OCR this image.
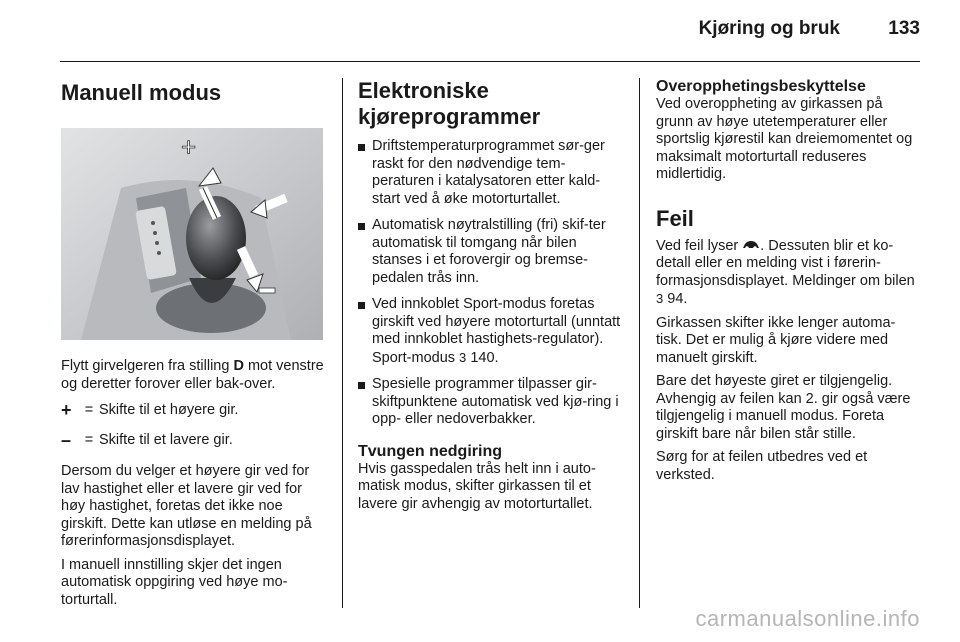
Kjøring og bruk	133
Manuell modus
+

Flytt girvelgeren fra stilling D mot venstre og deretter forover eller bak-over.

+ = Skifte til et høyere gir.
– = Skifte til et lavere gir.

Dersom du velger et høyere gir ved for lav hastighet eller et lavere gir ved for høy hastighet, foretas det ikke noe girskift. Dette kan utløse en melding på førerinformasjonsdisplayet.

I manuell innstilling skjer det ingen automatisk oppgiring ved høye mo-torturtall.

Elektroniske
kjøreprogrammer
Driftstemperaturprogrammet sør-ger raskt for den nødvendige tem-peraturen i katalysatoren etter kald-start ved å øke motorturtallet.
Automatisk nøytralstilling (fri) skif-ter automatisk til tomgang når bilen stanses i et forovergir og bremse-pedalen trås inn.
Ved innkoblet Sport-modus foretas girskift ved høyere motorturtall (unntatt med innkoblet hastighets-regulator). Sport-modus 3 140.
Spesielle programmer tilpasser gir-skiftpunktene automatisk ved kjø-ring i opp- eller nedoverbakker.
Tvungen nedgiring

Hvis gasspedalen trås helt inn i auto-matisk modus, skifter girkassen til et lavere gir avhengig av motorturtallet.

Overopphetingsbeskyttelse

Ved overoppheting av girkassen på grunn av høye utetemperaturer eller sportslig kjørestil kan dreiemomentet og maksimalt motorturtall reduseres midlertidig.

Feil

Ved feil lyser . Dessuten blir et ko-detall eller en melding vist i førerin-formasjonsdisplayet. Meldinger om bilen 3 94.

Girkassen skifter ikke lenger automa-tisk. Det er mulig å kjøre videre med manuelt girskift.

Bare det høyeste giret er tilgjengelig. Avhengig av feilen kan 2. gir også være tilgjengelig i manuell modus. Foreta girskift bare når bilen står stille.

Sørg for at feilen utbedres ved et verksted.

carmanualsonline.info
